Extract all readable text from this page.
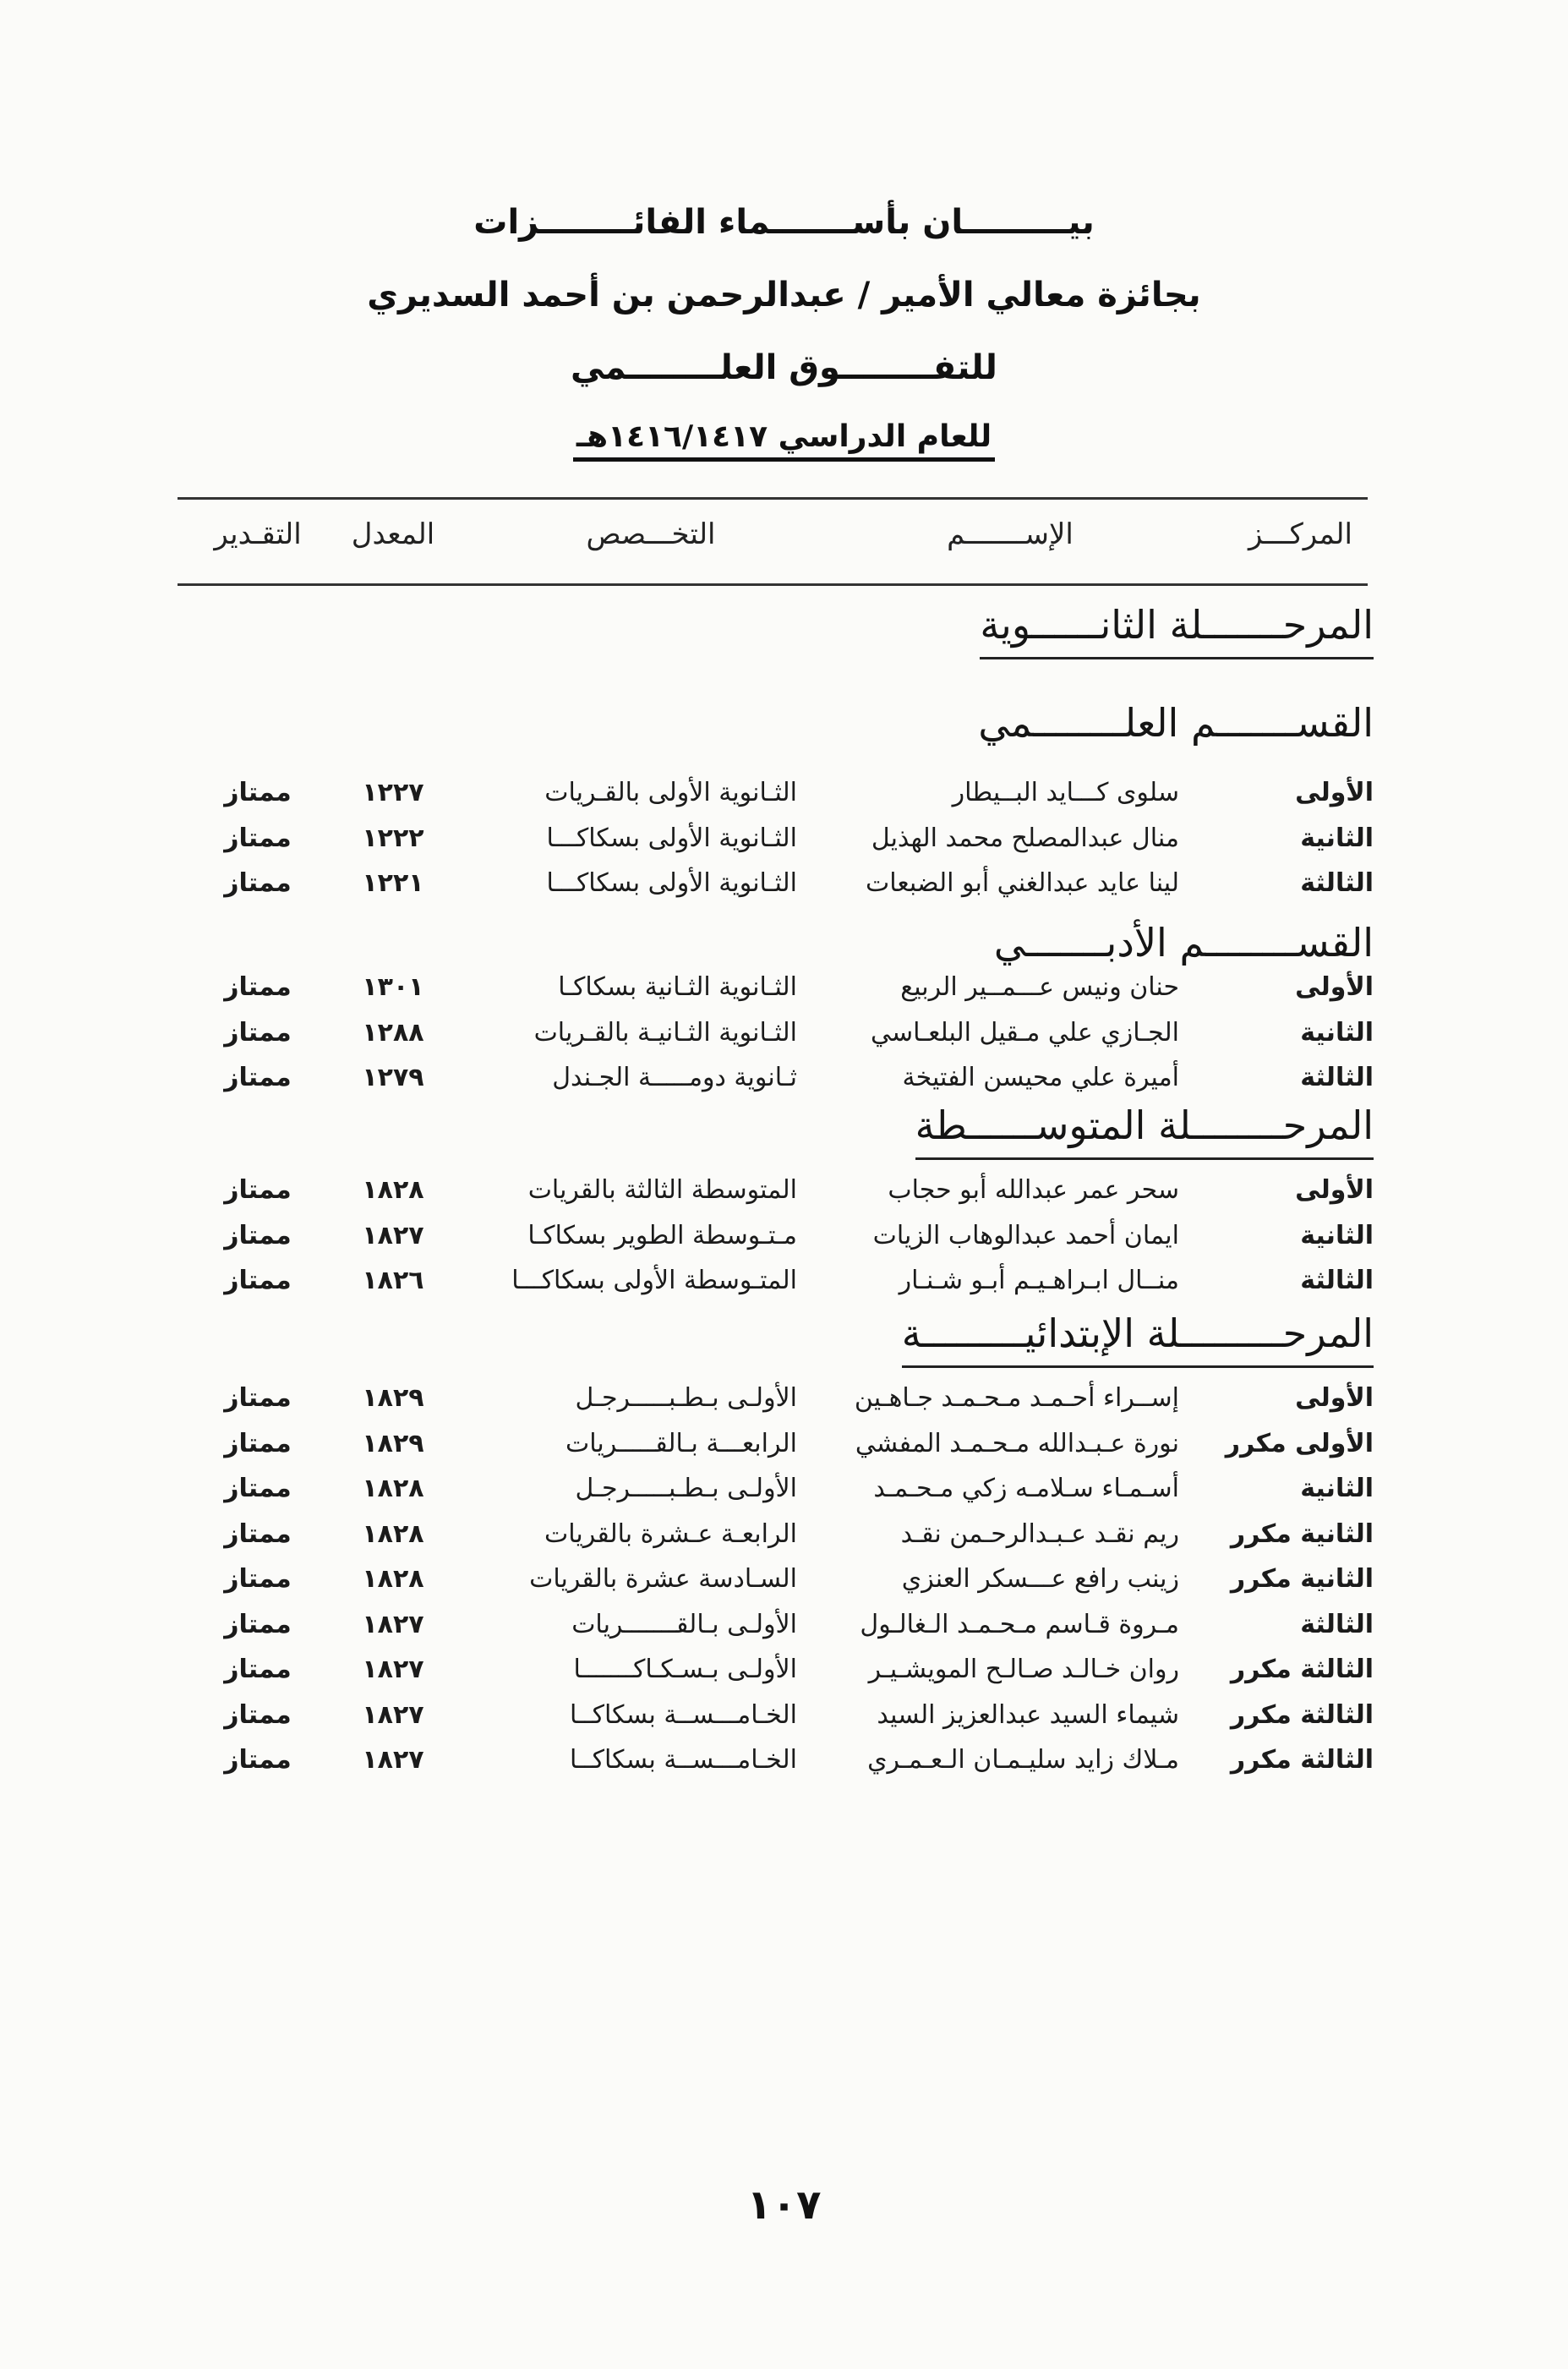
بيـــــــــان بأســـــــماء الفائــــــــزات
بجائزة معالي الأمير / عبدالرحمن بن أحمد السديري
للتفــــــــوق العلــــــــمي
للعام الدراسي ١٤١٦/١٤١٧هـ
المركـــز
الإســـــــم
التخـــصص
المعدل
التقـدير
المرحـــــــلة الثانــــــوية
القســـــــم العلــــــــمي
الأولى
سلوى كـــايد البــيطار
الثـانوية الأولى بالقـريات
١٢٢٧
ممتاز
الثانية
منال عبدالمصلح محمد الهذيل
الثـانوية الأولى بسكاكـــا
١٢٢٢
ممتاز
الثالثة
لينا عايد عبدالغني أبو الضبعات
الثـانوية الأولى بسكاكـــا
١٢٢١
ممتاز
القســــــــم الأدبـــــــي
الأولى
حنان ونيس عـــمــير الربيع
الثـانوية الثـانية بسكاكـا
١٣٠١
ممتاز
الثانية
الجـازي علي مـقيل البلعـاسي
الثـانوية الثـانيـة بالقـريات
١٢٨٨
ممتاز
الثالثة
أميرة علي محيسن الفتيخة
ثـانوية دومـــــة الجـندل
١٢٧٩
ممتاز
المرحــــــــلة المتوســــــطة
الأولى
سحر عمر عبدالله أبو حجاب
المتوسطة الثالثة بالقريات
١٨٢٨
ممتاز
الثانية
ايمان أحمد عبدالوهاب الزيات
مـتـوسطة الطوير بسكاكـا
١٨٢٧
ممتاز
الثالثة
منــال ابـراهـيـم أبـو شـنـار
المتـوسطة الأولى بسكاكـــا
١٨٢٦
ممتاز
المرحـــــــــلة الإبتدائيـــــــــة
الأولى
إســراء أحـمـد مـحـمـد جـاهـين
الأولـى بـطـبـــــرجـل
١٨٢٩
ممتاز
الأولى مكرر
نورة عـبـدالله مـحـمـد المفشي
الرابعـــة بـالقـــــريات
١٨٢٩
ممتاز
الثانية
أسـمـاء سـلامـه زكي مـحـمـد
الأولـى بـطـبـــــرجـل
١٨٢٨
ممتاز
الثانية مكرر
ريم نقـد عـبـدالرحـمن نقـد
الرابعـة عـشرة بالقريات
١٨٢٨
ممتاز
الثانية مكرر
زينب رافع عـــسكر العنزي
السـادسة عشرة بالقريات
١٨٢٨
ممتاز
الثالثة
مـروة قـاسم مـحـمـد الـغالـول
الأولـى بـالقـــــــريات
١٨٢٧
ممتاز
الثالثة مكرر
روان خـالـد صـالـح المويشـيـر
الأولـى بـسـكـاكـــــــا
١٨٢٧
ممتاز
الثالثة مكرر
شيماء السيد عبدالعزيز السيد
الخـامـــســة بسكاكــا
١٨٢٧
ممتاز
الثالثة مكرر
مـلاك زايد سليـمـان الـعـمـري
الخـامـــســة بسكاكــا
١٨٢٧
ممتاز
١٠٧
